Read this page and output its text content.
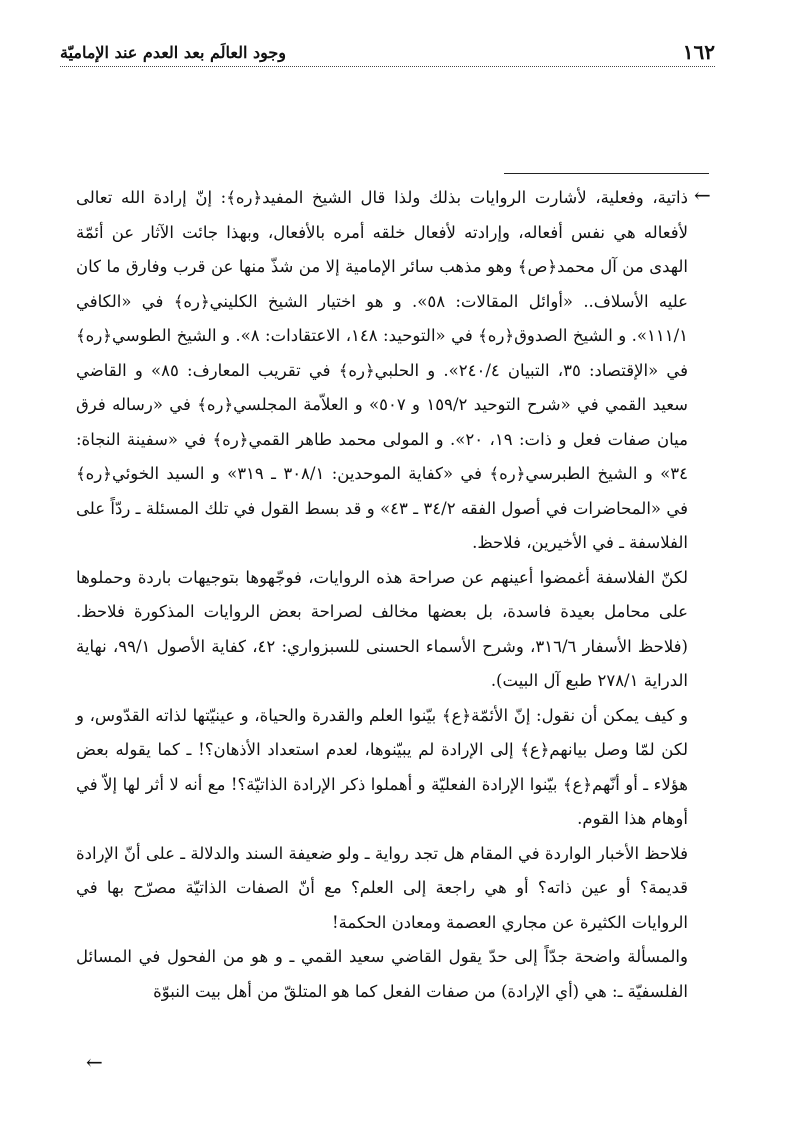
١٦٢
وجود العالَم بعد العدم عند الإماميّة
←

ذاتية، وفعلية، لأشارت الروايات بذلك ولذا قال الشيخ المفيد﴿ره﴾: إنّ إرادة الله تعالى لأفعاله هي نفس أفعاله، وإرادته لأفعال خلقه أمره بالأفعال، وبهذا جائت الآثار عن أئمّة الهدى من آل محمد﴿ص﴾ وهو مذهب سائر الإمامية إلا من شذّ منها عن قرب وفارق ما كان عليه الأسلاف.. «أوائل المقالات: ٥٨». و هو اختيار الشيخ الكليني﴿ره﴾ في «الكافي ١١١/١». و الشيخ الصدوق﴿ره﴾ في «التوحيد: ١٤٨، الاعتقادات: ٨». و الشيخ الطوسي﴿ره﴾ في «الإقتصاد: ٣٥، التبيان ٢٤٠/٤». و الحلبي﴿ره﴾ في تقريب المعارف: ٨٥» و القاضي سعيد القمي في «شرح التوحيد ١٥٩/٢ و ٥٠٧» و العلاّمة المجلسي﴿ره﴾ في «رساله فرق ميان صفات فعل و ذات: ١٩، ٢٠». و المولى محمد طاهر القمي﴿ره﴾ في «سفينة النجاة: ٣٤» و الشيخ الطبرسي﴿ره﴾ في «كفاية الموحدين: ٣٠٨/١ ـ ٣١٩» و السيد الخوئي﴿ره﴾ في «المحاضرات في أصول الفقه ٣٤/٢ ـ ٤٣» و قد بسط القول في تلك المسئلة ـ ردّاً على الفلاسفة ـ في الأخيرين، فلاحظ.

لكنّ الفلاسفة أغمضوا أعينهم عن صراحة هذه الروايات، فوجّهوها بتوجيهات باردة وحملوها على محامل بعيدة فاسدة، بل بعضها مخالف لصراحة بعض الروايات المذكورة فلاحظ. (فلاحظ الأسفار ٣١٦/٦، وشرح الأسماء الحسنى للسبزواري: ٤٢، كفاية الأصول ٩٩/١، نهاية الدراية ٢٧٨/١ طبع آل البيت).

و كيف يمكن أن نقول: إنّ الأئمّة﴿ع﴾ بيّنوا العلم والقدرة والحياة، و عينيّتها لذاته القدّوس، و لكن لمّا وصل بيانهم﴿ع﴾ إلى الإرادة لم يبيّنوها، لعدم استعداد الأذهان؟! ـ كما يقوله بعض هؤلاء ـ أو أنّهم﴿ع﴾ بيّنوا الإرادة الفعليّة و أهملوا ذكر الإرادة الذاتيّة؟! مع أنه لا أثر لها إلاّ في أوهام هذا القوم.

فلاحظ الأخبار الواردة في المقام هل تجد رواية ـ ولو ضعيفة السند والدلالة ـ على أنّ الإرادة قديمة؟ أو عين ذاته؟ أو هي راجعة إلى العلم؟ مع أنّ الصفات الذاتيّة مصرّح بها في الروايات الكثيرة عن مجاري العصمة ومعادن الحكمة!

والمسألة واضحة جدّاً إلى حدّ يقول القاضي سعيد القمي ـ و هو من الفحول في المسائل الفلسفيّة ـ: هي (أي الإرادة) من صفات الفعل كما هو المتلقّ من أهل بيت النبوّة

←
